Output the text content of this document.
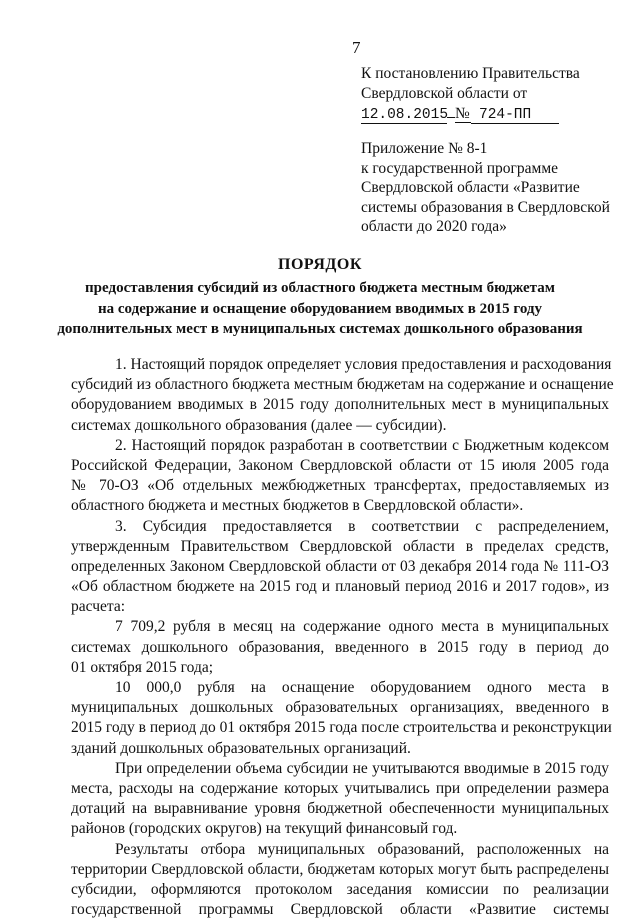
7
К постановлению Правительства
Свердловской области от
12.08.2015 № 724-ПП
Приложение № 8-1
к государственной программе
Свердловской области «Развитие
системы образования в Свердловской
области до 2020 года»
ПОРЯДОК
предоставления субсидий из областного бюджета местным бюджетам
на содержание и оснащение оборудованием вводимых в 2015 году
дополнительных мест в муниципальных системах дошкольного образования
1. Настоящий порядок определяет условия предоставления и расходования
субсидий из областного бюджета местным бюджетам на содержание и оснащение
оборудованием вводимых в 2015 году дополнительных мест в муниципальных
системах дошкольного образования (далее — субсидии).
2. Настоящий порядок разработан в соответствии с Бюджетным кодексом
Российской Федерации, Законом Свердловской области от 15 июля 2005 года
№ 70-ОЗ «Об отдельных межбюджетных трансфертах, предоставляемых из
областного бюджета и местных бюджетов в Свердловской области».
3. Субсидия предоставляется в соответствии с распределением,
утвержденным Правительством Свердловской области в пределах средств,
определенных Законом Свердловской области от 03 декабря 2014 года № 111-ОЗ
«Об областном бюджете на 2015 год и плановый период 2016 и 2017 годов», из
расчета:
7 709,2 рубля в месяц на содержание одного места в муниципальных
системах дошкольного образования, введенного в 2015 году в период до
01 октября 2015 года;
10 000,0 рубля на оснащение оборудованием одного места в
муниципальных дошкольных образовательных организациях, введенного в
2015 году в период до 01 октября 2015 года после строительства и реконструкции
зданий дошкольных образовательных организаций.
При определении объема субсидии не учитываются вводимые в 2015 году
места, расходы на содержание которых учитывались при определении размера
дотаций на выравнивание уровня бюджетной обеспеченности муниципальных
районов (городских округов) на текущий финансовый год.
Результаты отбора муниципальных образований, расположенных на
территории Свердловской области, бюджетам которых могут быть распределены
субсидии, оформляются протоколом заседания комиссии по реализации
государственной программы Свердловской области «Развитие системы
